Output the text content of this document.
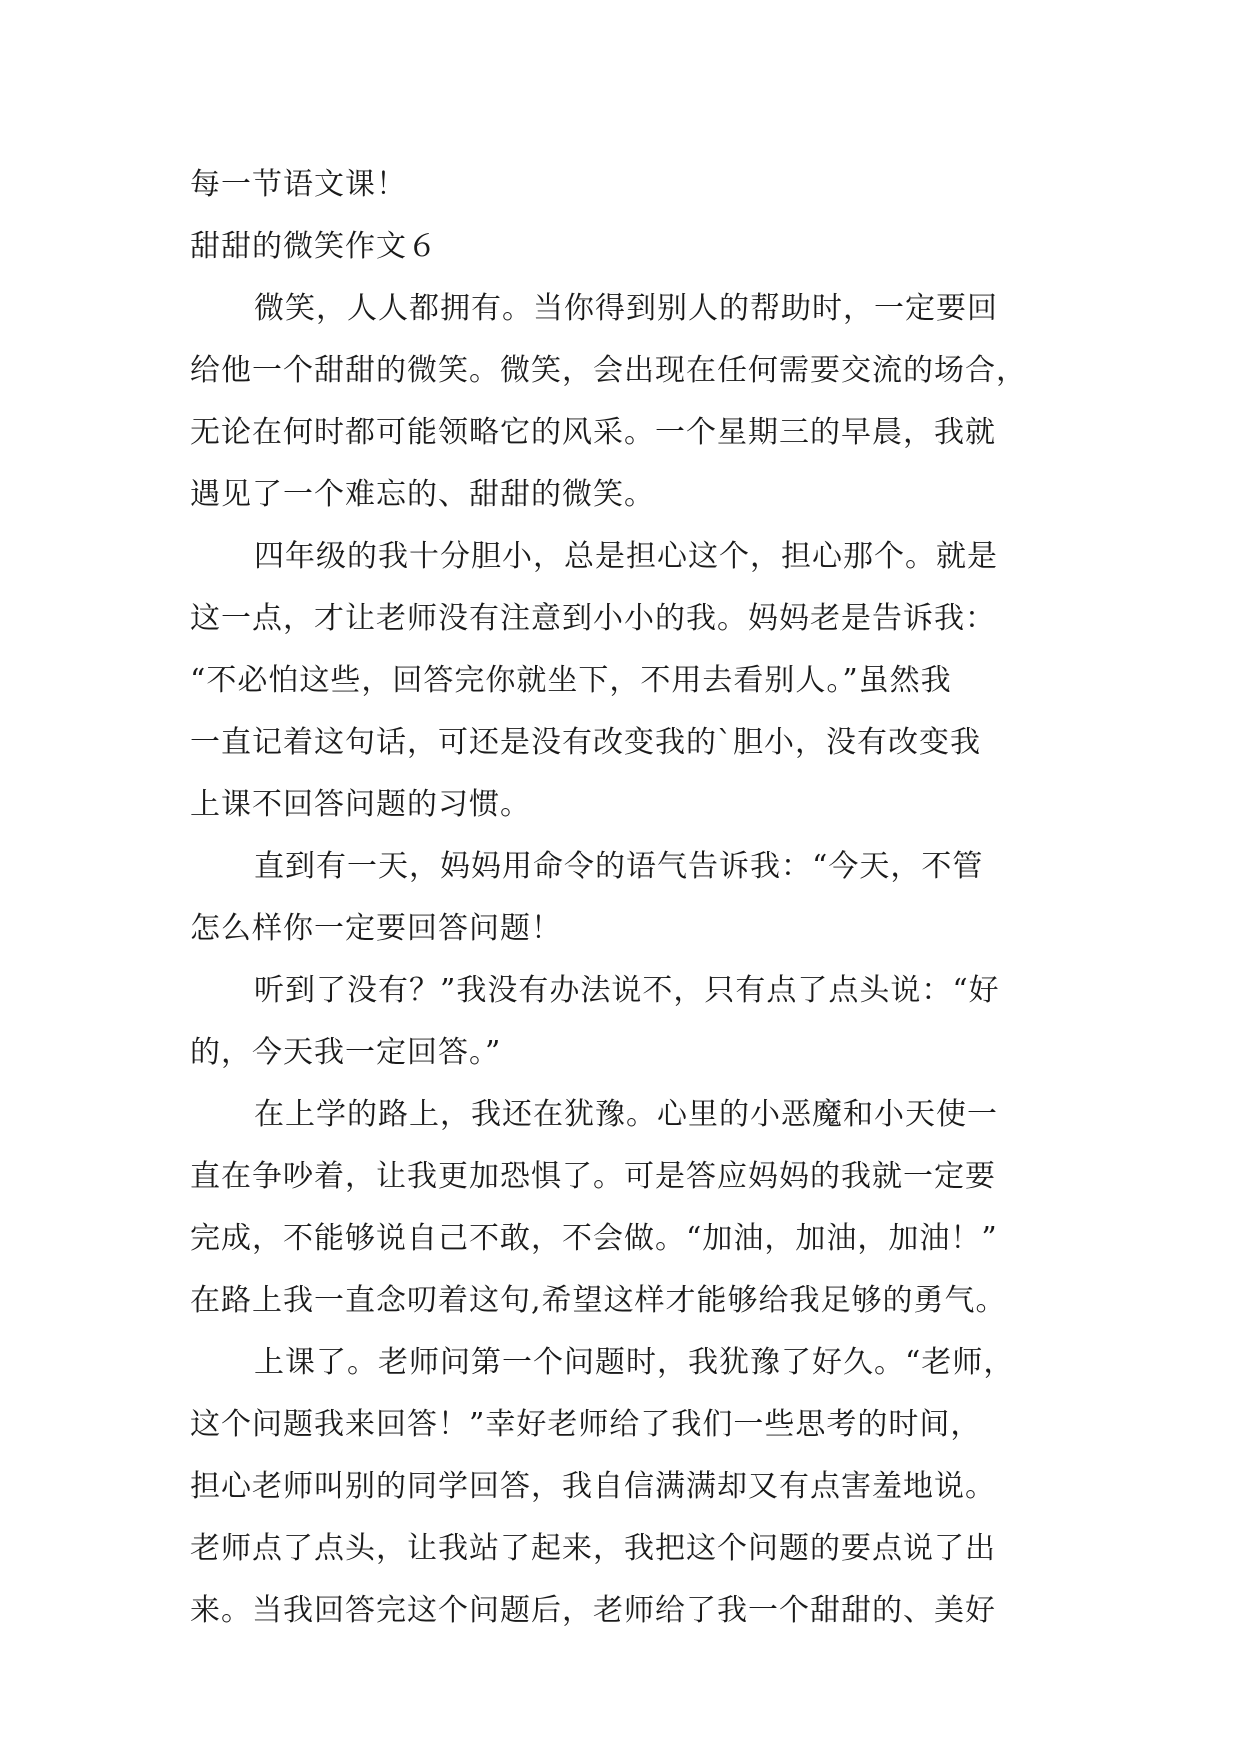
每一节语文课！
甜甜的微笑作文６
微笑，人人都拥有。当你得到别人的帮助时，一定要回
给他一个甜甜的微笑。微笑，会出现在任何需要交流的场合，
无论在何时都可能领略它的风采。一个星期三的早晨，我就
遇见了一个难忘的、甜甜的微笑。
四年级的我十分胆小，总是担心这个，担心那个。就是
这一点，才让老师没有注意到小小的我。妈妈老是告诉我：
“不必怕这些，回答完你就坐下，不用去看别人。”虽然我
一直记着这句话，可还是没有改变我的`胆小，没有改变我
上课不回答问题的习惯。
直到有一天，妈妈用命令的语气告诉我：“今天，不管
怎么样你一定要回答问题！
听到了没有？”我没有办法说不，只有点了点头说：“好
的，今天我一定回答。”
在上学的路上，我还在犹豫。心里的小恶魔和小天使一
直在争吵着，让我更加恐惧了。可是答应妈妈的我就一定要
完成，不能够说自己不敢，不会做。“加油，加油，加油！”
在路上我一直念叨着这句,希望这样才能够给我足够的勇气。
上课了。老师问第一个问题时，我犹豫了好久。“老师，
这个问题我来回答！”幸好老师给了我们一些思考的时间，
担心老师叫别的同学回答，我自信满满却又有点害羞地说。
老师点了点头，让我站了起来，我把这个问题的要点说了出
来。当我回答完这个问题后，老师给了我一个甜甜的、美好
